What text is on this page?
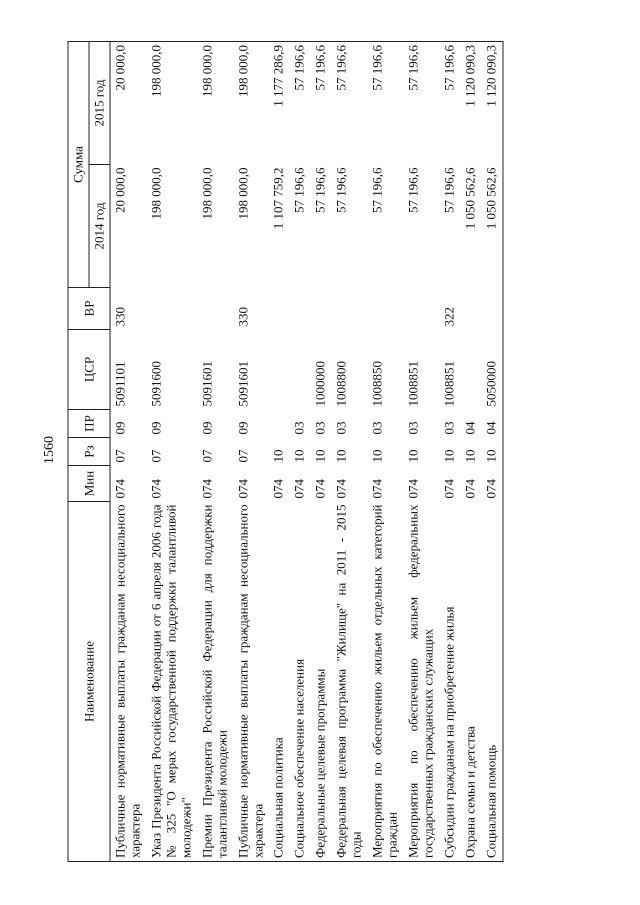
1560
Наименование	Мин	Рз	ПР	ЦСР	ВР	Сумма	
						2014 год	2015 год
Публичные нормативные выплаты гражданам несоциального характера	074	07	09	5091101	330	20 000,0	20 000,0
Указ Президента Российской Федерации от 6 апреля 2006 года № 325 "О мерах государственной поддержки талантливой молодежи"	074	07	09	5091600		198 000,0	198 000,0
Премии Президента Российской Федерации для поддержки талантливой молодежи	074	07	09	5091601		198 000,0	198 000,0
Публичные нормативные выплаты гражданам несоциального характера	074	07	09	5091601	330	198 000,0	198 000,0
Социальная политика	074	10				1 107 759,2	1 177 286,9
Социальное обеспечение населения	074	10	03			57 196,6	57 196,6
Федеральные целевые программы	074	10	03	1000000		57 196,6	57 196,6
Федеральная целевая программа "Жилище" на 2011 - 2015 годы	074	10	03	1008800		57 196,6	57 196,6
Мероприятия по обеспечению жильем отдельных категорий граждан	074	10	03	1008850		57 196,6	57 196,6
Мероприятия по обеспечению жильем федеральных государственных гражданских служащих	074	10	03	1008851		57 196,6	57 196,6
Субсидии гражданам на приобретение жилья	074	10	03	1008851	322	57 196,6	57 196,6
Охрана семьи и детства	074	10	04			1 050 562,6	1 120 090,3
Социальная помощь	074	10	04	5050000		1 050 562,6	1 120 090,3
